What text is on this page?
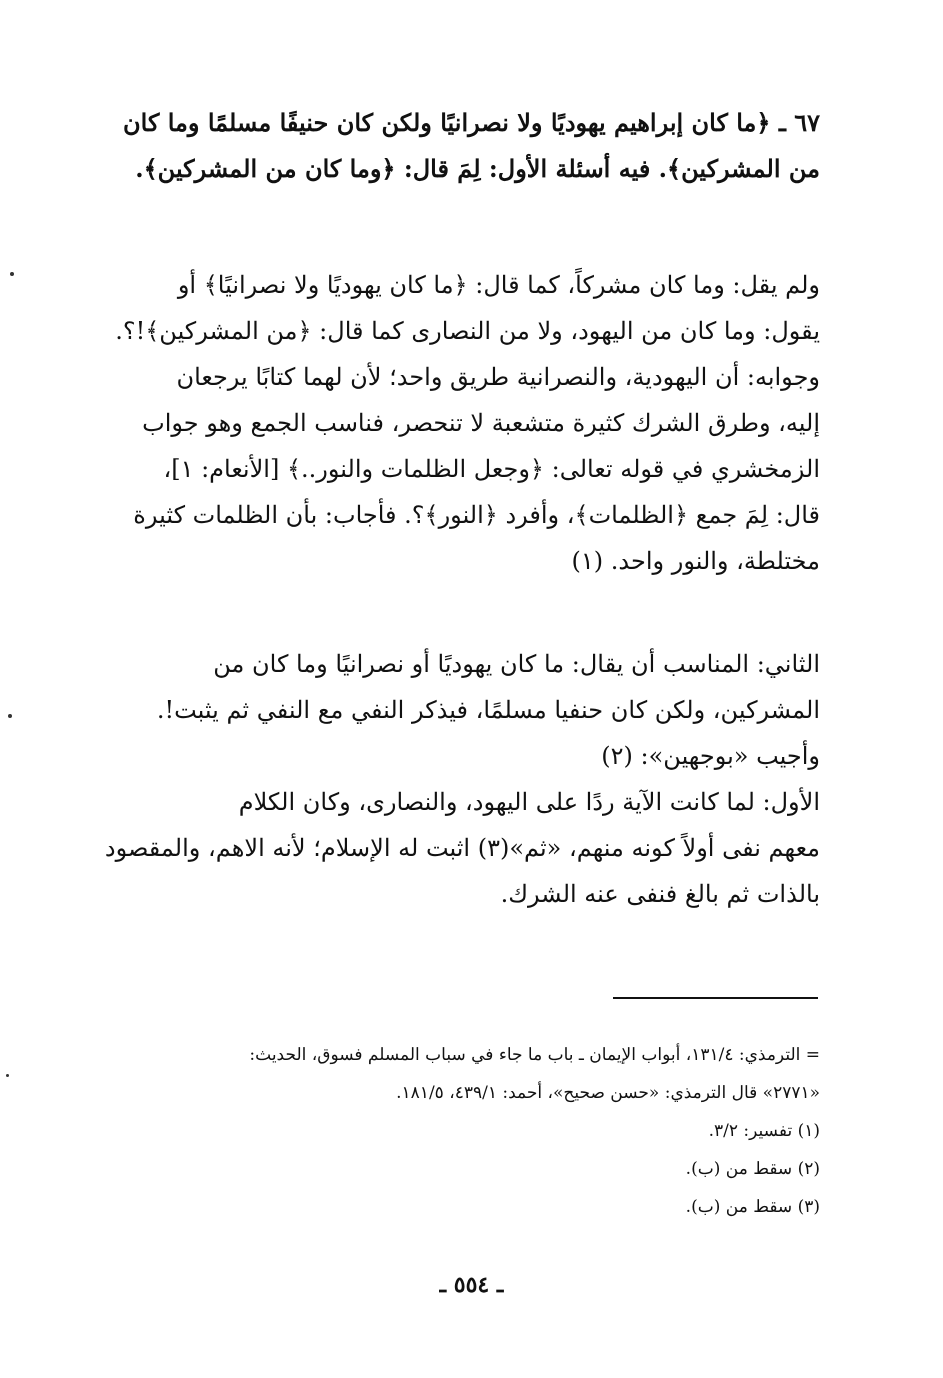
٦٧ ـ ﴿ما كان إبراهيم يهوديًا ولا نصرانيًا ولكن كان حنيفًا مسلمًا وما كان
من المشركين﴾. فيه أسئلة الأول: لِمَ قال: ﴿وما كان من المشركين﴾.
ولم يقل: وما كان مشركاً، كما قال: ﴿ما كان يهوديًا ولا نصرانيًا﴾ أو
يقول: وما كان من اليهود، ولا من النصارى كما قال: ﴿من المشركين﴾!؟.
وجوابه: أن اليهودية، والنصرانية طريق واحد؛ لأن لهما كتابًا يرجعان
إليه، وطرق الشرك كثيرة متشعبة لا تنحصر، فناسب الجمع وهو جواب
الزمخشري في قوله تعالى: ﴿وجعل الظلمات والنور..﴾ [الأنعام: ١]،
قال: لِمَ جمع ﴿الظلمات﴾، وأفرد ﴿النور﴾؟. فأجاب: بأن الظلمات كثيرة
مختلطة، والنور واحد. (١)
الثاني: المناسب أن يقال: ما كان يهوديًا أو نصرانيًا وما كان من
المشركين، ولكن كان حنفيا مسلمًا، فيذكر النفي مع النفي ثم يثبت!.
وأجيب «بوجهين»: (٢)
الأول: لما كانت الآية ردًا على اليهود، والنصارى، وكان الكلام
معهم نفى أولاً كونه منهم، «ثم»(٣) اثبت له الإسلام؛ لأنه الاهم، والمقصود
بالذات ثم بالغ فنفى عنه الشرك.
= الترمذي: ١٣١/٤، أبواب الإيمان ـ باب ما جاء في سباب المسلم فسوق، الحديث:
«٢٧٧١» قال الترمذي: «حسن صحيح»، أحمد: ٤٣٩/١، ١٨١/٥.
(١) تفسير: ٣/٢.
(٢) سقط من (ب).
(٣) سقط من (ب).
ـ ٥٥٤ ـ
